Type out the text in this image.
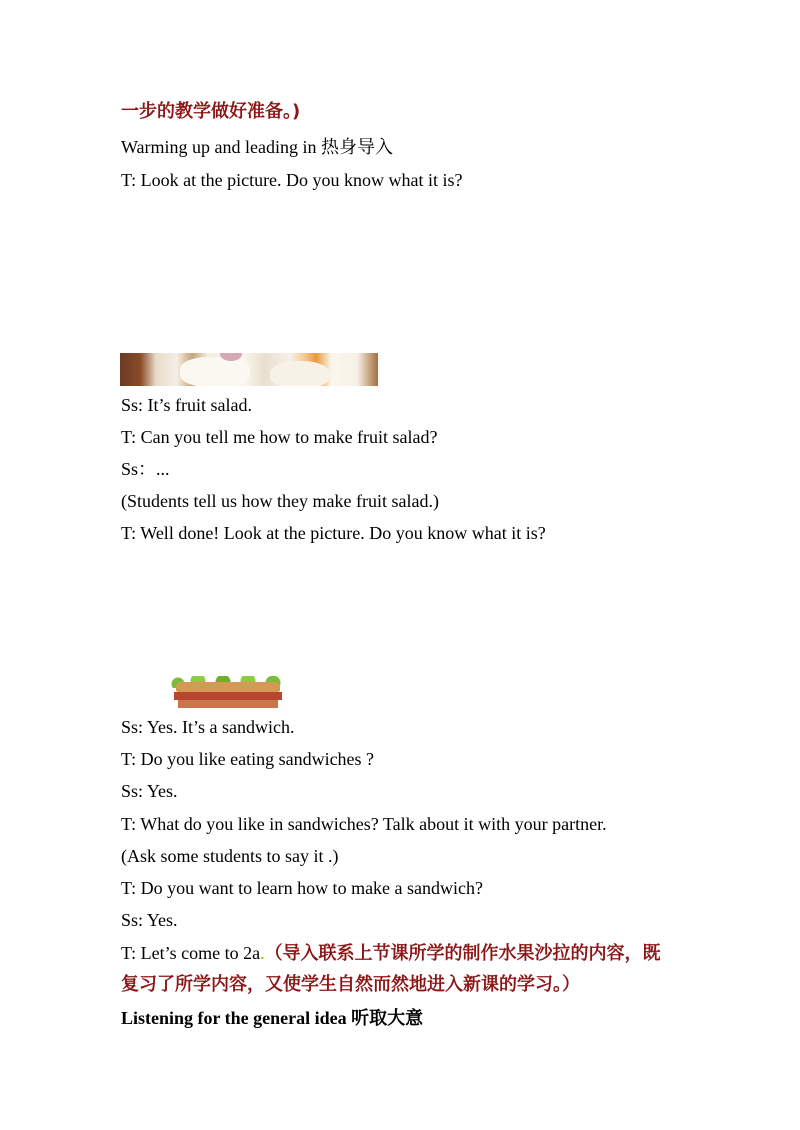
一步的教学做好准备。)
Warming up and leading in 热身导入
T: Look at the picture. Do you know what it is?
Ss: It’s fruit salad.
T: Can you tell me how to make fruit salad?
Ss：...
(Students tell us how they make fruit salad.)
T: Well done! Look at the picture. Do you know what it is?
Ss: Yes. It’s a sandwich.
T: Do you like eating sandwiches ?
Ss: Yes.
T: What do you like in sandwiches? Talk about it with your partner.
(Ask some students to say it .)
T: Do you want to learn how to make a sandwich?
Ss: Yes.
T: Let’s come to 2a.（导入联系上节课所学的制作水果沙拉的内容，既
复习了所学内容，又使学生自然而然地进入新课的学习。）
Listening for the general idea 听取大意
